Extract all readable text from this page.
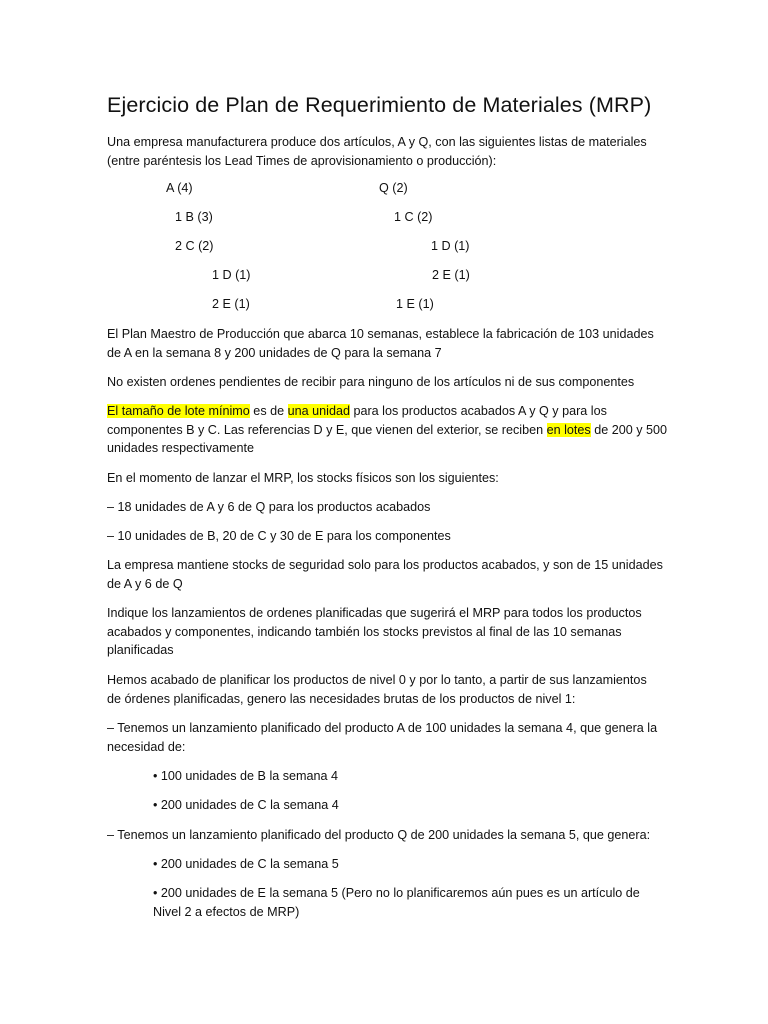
Ejercicio de Plan de Requerimiento de Materiales (MRP)
Una empresa manufacturera produce dos artículos, A y Q, con las siguientes listas de materiales
(entre paréntesis los Lead Times de aprovisionamiento o producción):
A (4)
1 B (3)
2 C (2)
1 D (1)
2 E (1)
Q (2)
1 C (2)
1 D (1)
2 E (1)
1 E (1)
El Plan Maestro de Producción que abarca 10 semanas, establece la fabricación de 103 unidades
de A en la semana 8 y 200 unidades de Q para la semana 7
No existen ordenes pendientes de recibir para ninguno de los artículos ni de sus componentes
El tamaño de lote mínimo es de una unidad para los productos acabados A y Q y para los
componentes B y C. Las referencias D y E, que vienen del exterior, se reciben en lotes de 200 y 500
unidades respectivamente
En el momento de lanzar el MRP, los stocks físicos son los siguientes:
– 18 unidades de A y 6 de Q para los productos acabados
– 10 unidades de B, 20 de C y 30 de E para los componentes
La empresa mantiene stocks de seguridad solo para los productos acabados, y son de 15 unidades
de A y 6 de Q
Indique los lanzamientos de ordenes planificadas que sugerirá el MRP para todos los productos
acabados y componentes, indicando también los stocks previstos al final de las 10 semanas
planificadas
Hemos acabado de planificar los productos de nivel 0 y por lo tanto, a partir de sus lanzamientos
de órdenes planificadas, genero las necesidades brutas de los productos de nivel 1:
– Tenemos un lanzamiento planificado del producto A de 100 unidades la semana 4, que genera la
necesidad de:
• 100 unidades de B la semana 4
• 200 unidades de C la semana 4
– Tenemos un lanzamiento planificado del producto Q de 200 unidades la semana 5, que genera:
• 200 unidades de C la semana 5
• 200 unidades de E la semana 5 (Pero no lo planificaremos aún pues es un artículo de
Nivel 2 a efectos de MRP)
